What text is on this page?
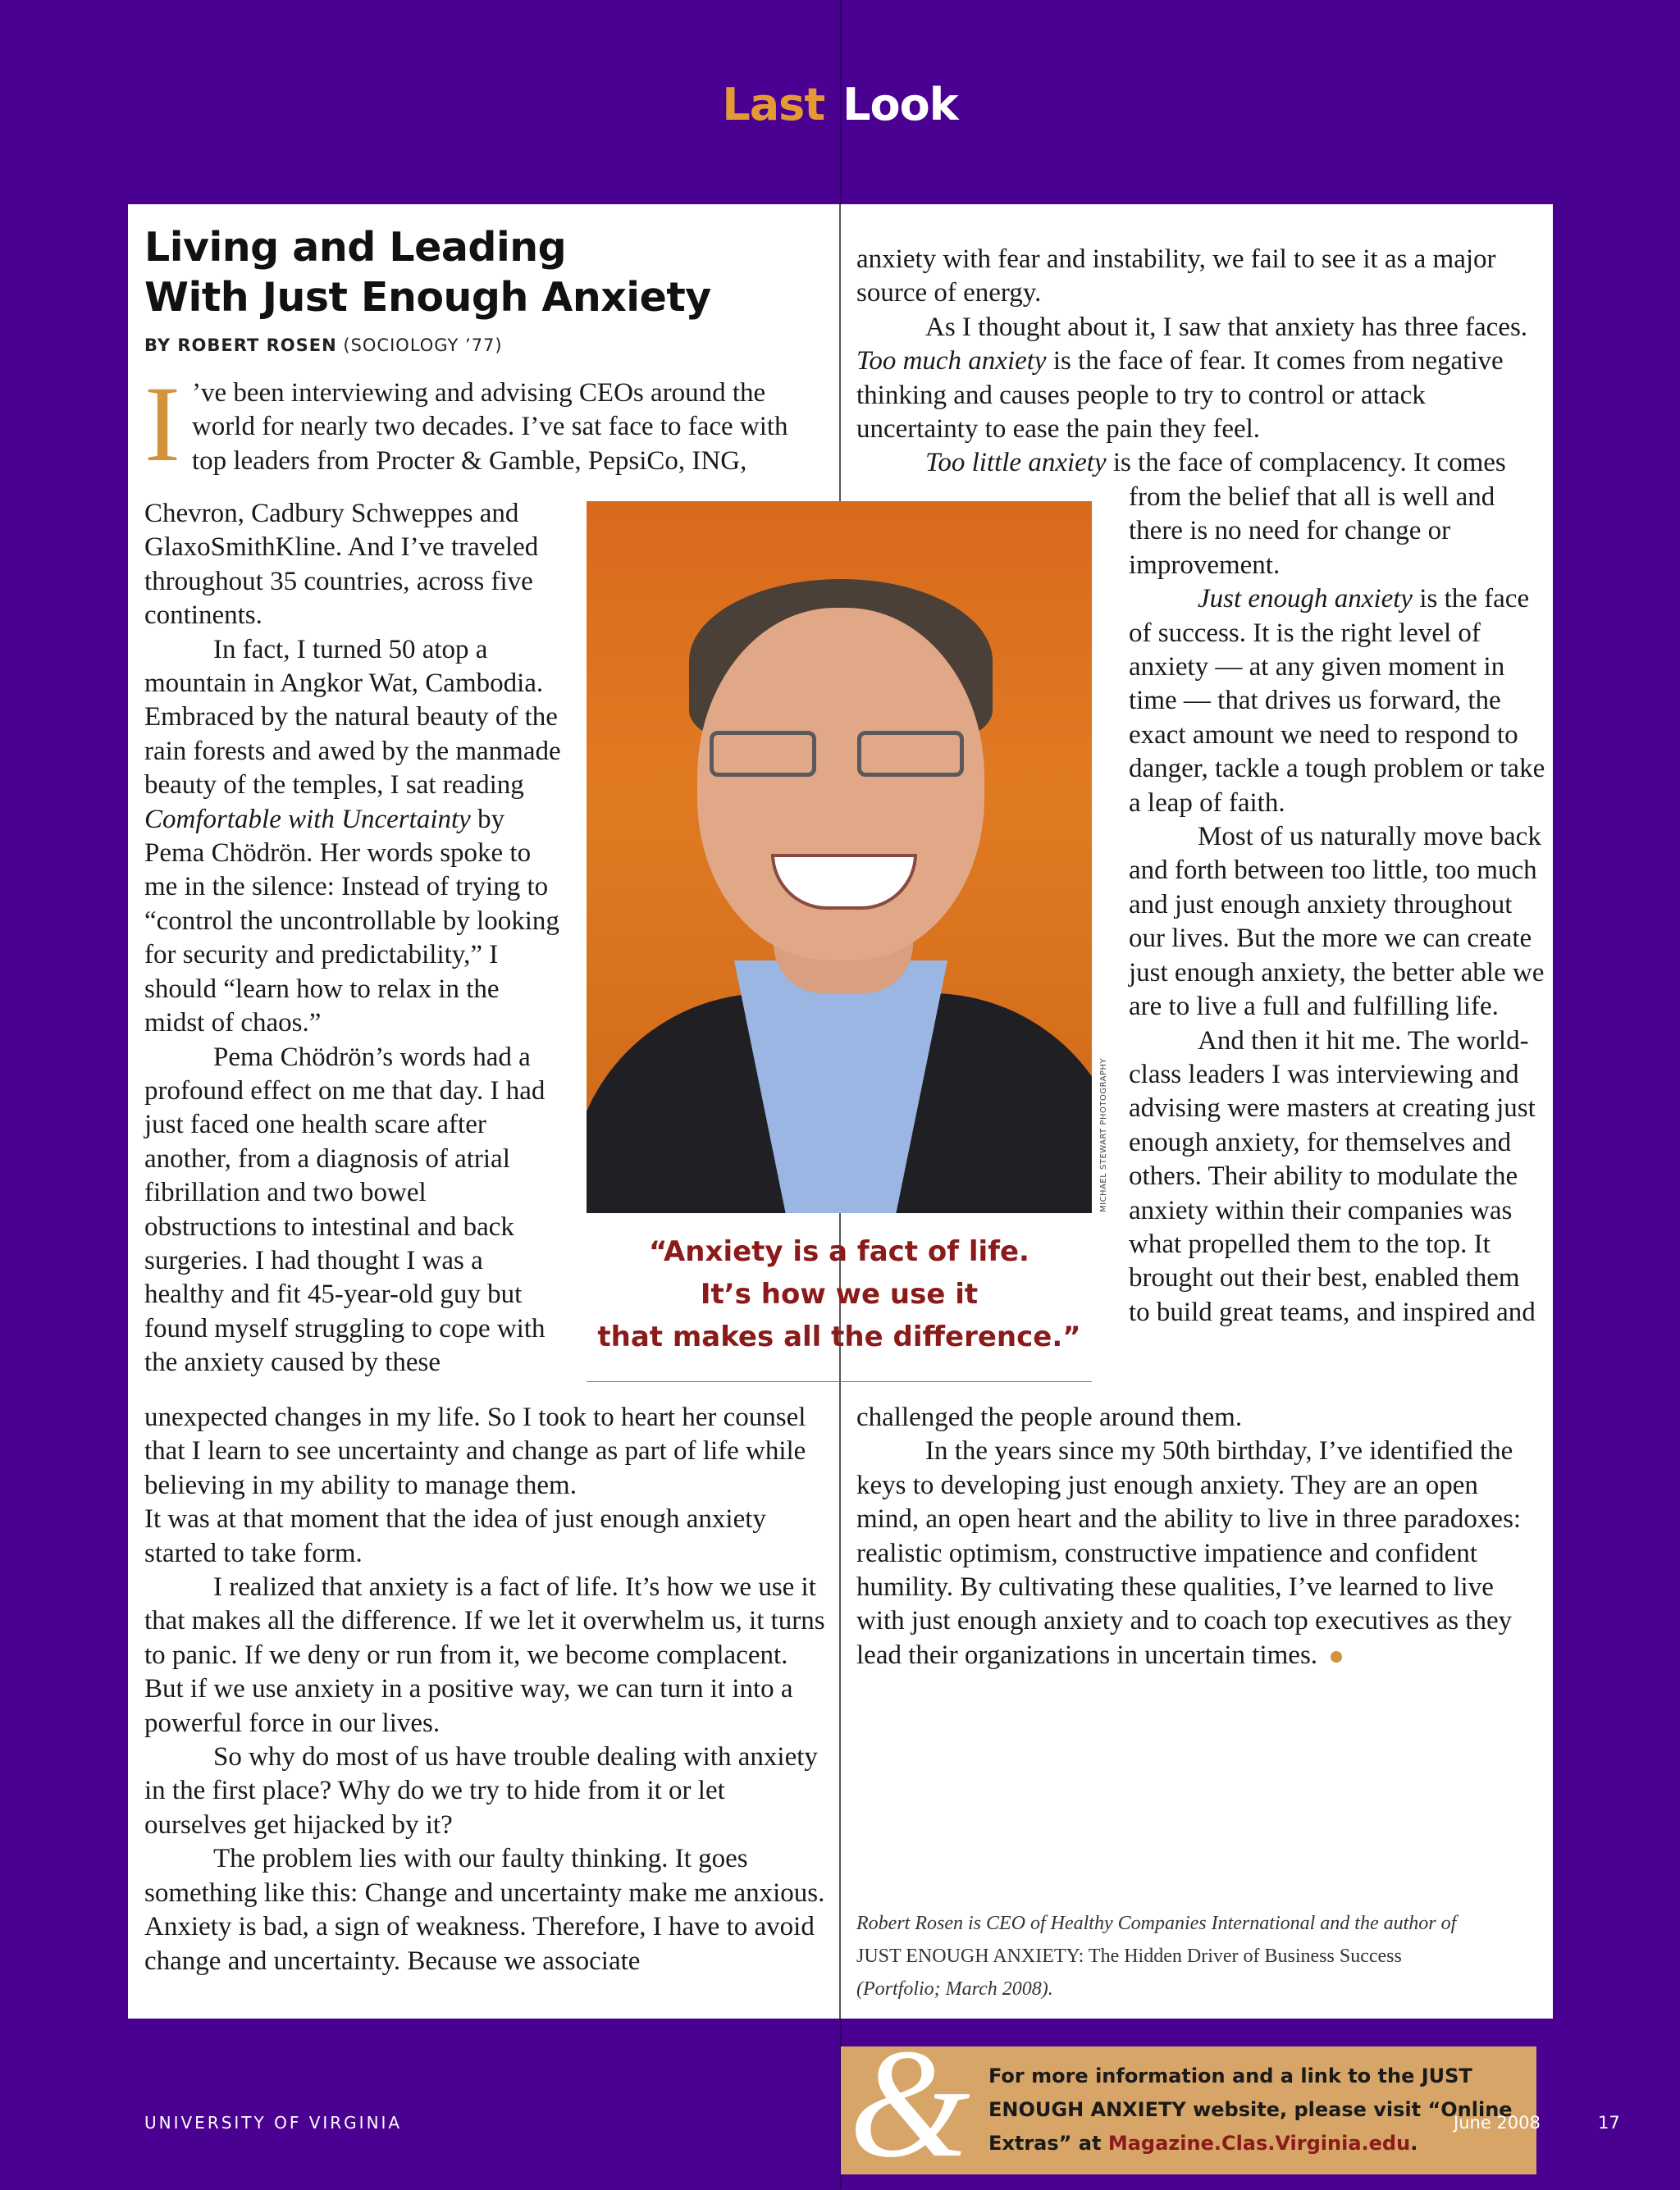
Last Look
Living and Leading
With Just Enough Anxiety
BY ROBERT ROSEN (SOCIOLOGY ’77)

I ’ve been interviewing and advising CEOs around the world for nearly two decades. I’ve sat face to face with top leaders from Procter & Gamble, PepsiCo, ING,

Chevron, Cadbury Schweppes and GlaxoSmithKline. And I’ve traveled throughout 35 countries, across five continents.

In fact, I turned 50 atop a mountain in Angkor Wat, Cambodia. Embraced by the natural beauty of the rain forests and awed by the manmade beauty of the temples, I sat reading Comfortable with Uncertainty by Pema Chödrön. Her words spoke to me in the silence: Instead of trying to “control the uncontrollable by looking for security and predictability,” I should “learn how to relax in the midst of chaos.”

Pema Chödrön’s words had a profound effect on me that day. I had just faced one health scare after another, from a diagnosis of atrial fibrillation and two bowel obstructions to intestinal and back surgeries. I had thought I was a healthy and fit 45-year-old guy but found myself struggling to cope with the anxiety caused by these

unexpected changes in my life. So I took to heart her counsel that I learn to see uncertainty and change as part of life while believing in my ability to manage them.

It was at that moment that the idea of just enough anxiety started to take form.

I realized that anxiety is a fact of life. It’s how we use it that makes all the difference. If we let it overwhelm us, it turns to panic. If we deny or run from it, we become complacent. But if we use anxiety in a positive way, we can turn it into a powerful force in our lives.

So why do most of us have trouble dealing with anxiety in the first place? Why do we try to hide from it or let ourselves get hijacked by it?

The problem lies with our faulty thinking. It goes something like this: Change and uncertainty make me anxious. Anxiety is bad, a sign of weakness. Therefore, I have to avoid change and uncertainty. Because we associate

anxiety with fear and instability, we fail to see it as a major source of energy.

As I thought about it, I saw that anxiety has three faces. Too much anxiety is the face of fear. It comes from negative thinking and causes people to try to control or attack uncertainty to ease the pain they feel.

Too little anxiety is the face of complacency. It comes

from the belief that all is well and there is no need for change or improvement.

Just enough anxiety is the face of success. It is the right level of anxiety — at any given moment in time — that drives us forward, the exact amount we need to respond to danger, tackle a tough problem or take a leap of faith.

Most of us naturally move back and forth between too little, too much and just enough anxiety throughout our lives. But the more we can create just enough anxiety, the better able we are to live a full and fulfilling life.

And then it hit me. The world-class leaders I was interviewing and advising were masters at creating just enough anxiety, for themselves and others. Their ability to modulate the anxiety within their companies was what propelled them to the top. It brought out their best, enabled them to build great teams, and inspired and

challenged the people around them.

In the years since my 50th birthday, I’ve identified the keys to developing just enough anxiety. They are an open mind, an open heart and the ability to live in three paradoxes: realistic optimism, constructive impatience and confident humility. By cultivating these qualities, I’ve learned to live with just enough anxiety and to coach top executives as they lead their organizations in uncertain times.

Robert Rosen is CEO of Healthy Companies International and the author of
JUST ENOUGH ANXIETY: The Hidden Driver of Business Success
(Portfolio; March 2008).
& For more information and a link to the JUST ENOUGH ANXIETY website, please visit “Online Extras” at Magazine.Clas.Virginia.edu.
MICHAEL STEWART PHOTOGRAPHY
“Anxiety is a fact of life.
It’s how we use it
that makes all the difference.”
UNIVERSITY OF VIRGINIA	June 2008	17
